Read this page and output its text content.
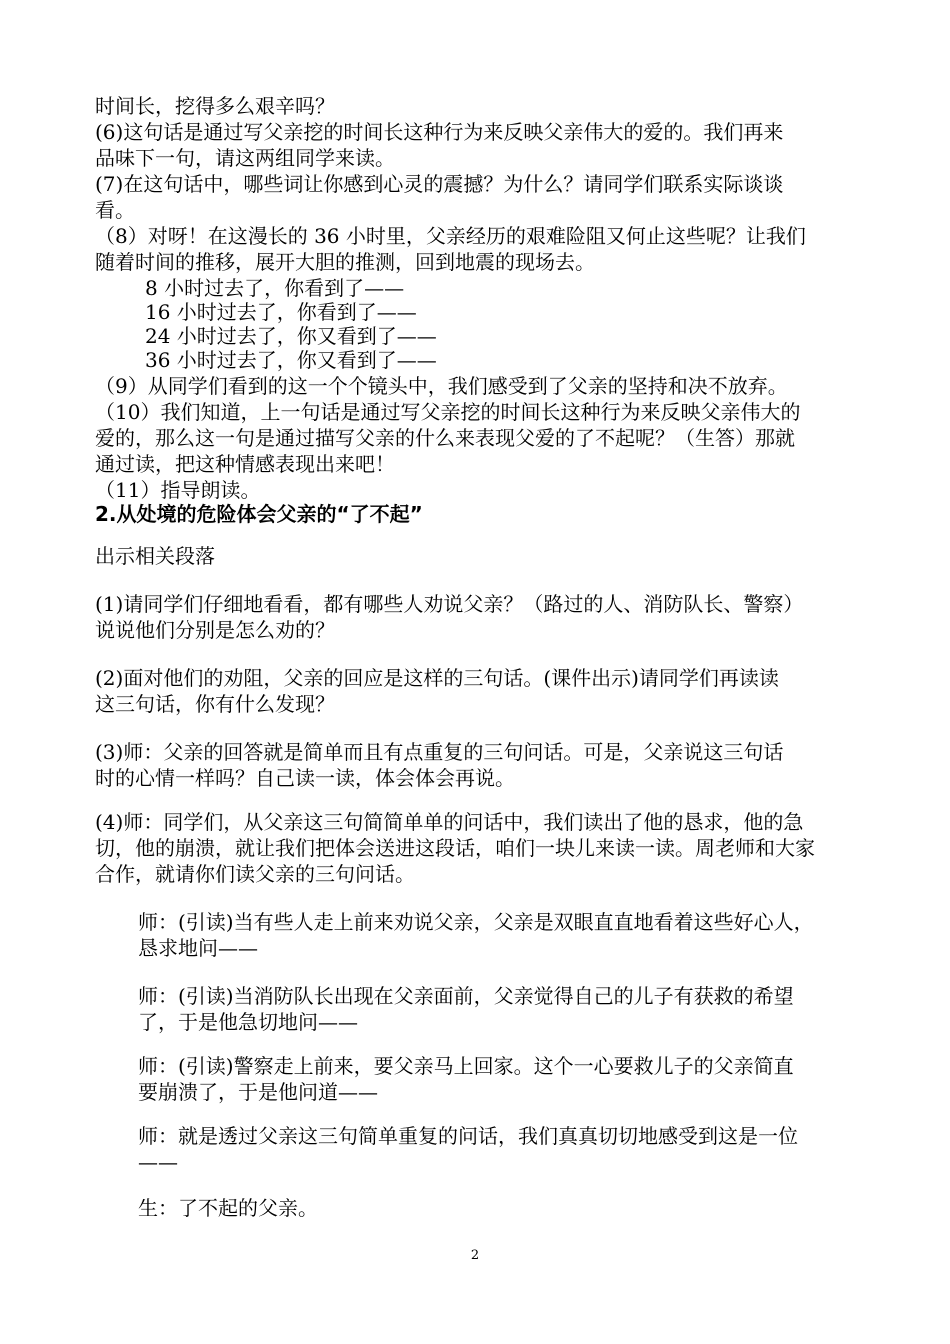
时间长，挖得多么艰辛吗？
(6)这句话是通过写父亲挖的时间长这种行为来反映父亲伟大的爱的。我们再来
品味下一句，请这两组同学来读。
(7)在这句话中，哪些词让你感到心灵的震撼？为什么？请同学们联系实际谈谈
看。
（8）对呀！在这漫长的 36 小时里，父亲经历的艰难险阻又何止这些呢？让我们
随着时间的推移，展开大胆的推测，回到地震的现场去。
8 小时过去了，你看到了——
16 小时过去了，你看到了——
24 小时过去了，你又看到了——
36 小时过去了，你又看到了——
（9）从同学们看到的这一个个镜头中，我们感受到了父亲的坚持和决不放弃。
（10）我们知道，上一句话是通过写父亲挖的时间长这种行为来反映父亲伟大的
爱的，那么这一句是通过描写父亲的什么来表现父爱的了不起呢？（生答）那就
通过读，把这种情感表现出来吧！
（11）指导朗读。
2.从处境的危险体会父亲的“了不起”
出示相关段落
(1)请同学们仔细地看看，都有哪些人劝说父亲？（路过的人、消防队长、警察）
说说他们分别是怎么劝的？
(2)面对他们的劝阻，父亲的回应是这样的三句话。(课件出示)请同学们再读读
这三句话，你有什么发现？
(3)师：父亲的回答就是简单而且有点重复的三句问话。可是，父亲说这三句话
时的心情一样吗？自己读一读，体会体会再说。
(4)师：同学们，从父亲这三句简简单单的问话中，我们读出了他的恳求，他的急
切，他的崩溃，就让我们把体会送进这段话，咱们一块儿来读一读。周老师和大家
合作，就请你们读父亲的三句问话。
师：(引读)当有些人走上前来劝说父亲，父亲是双眼直直地看着这些好心人，
恳求地问——
师：(引读)当消防队长出现在父亲面前，父亲觉得自己的儿子有获救的希望
了，于是他急切地问——
师：(引读)警察走上前来，要父亲马上回家。这个一心要救儿子的父亲简直
要崩溃了，于是他问道——
师：就是透过父亲这三句简单重复的问话，我们真真切切地感受到这是一位
——
生：了不起的父亲。
2
